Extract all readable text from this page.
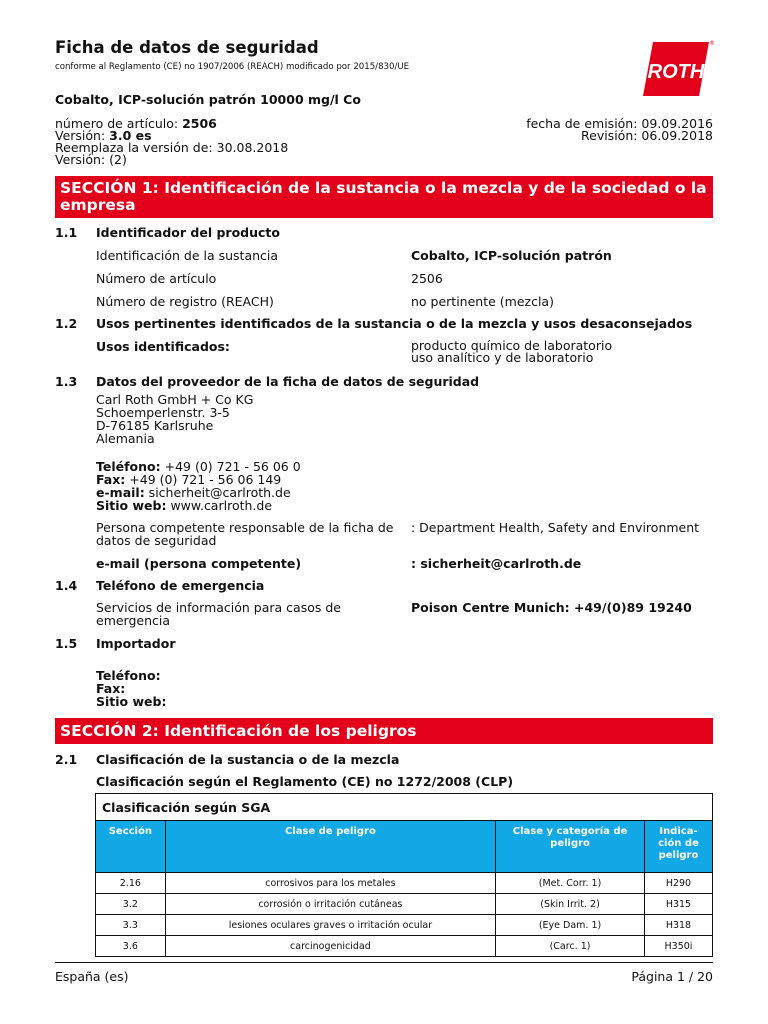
Ficha de datos de seguridad
conforme al Reglamento (CE) no 1907/2006 (REACH) modificado por 2015/830/UE	ROTH
®
Cobalto, ICP-solución patrón 10000 mg/l Co
número de artículo: 2506
Versión: 3.0 es
Reemplaza la versión de: 30.08.2018
Versión: (2)
fecha de emisión: 09.09.2016
Revisión: 06.09.2018
SECCIÓN 1: Identificación de la sustancia o la mezcla y de la sociedad o la empresa
1.1 Identificador del producto
Identificación de la sustancia	Cobalto, ICP-solución patrón
Número de artículo	2506
Número de registro (REACH)	no pertinente (mezcla)
1.2 Usos pertinentes identificados de la sustancia o de la mezcla y usos desaconsejados
Usos identificados:	producto químico de laboratorio
uso analítico y de laboratorio
1.3 Datos del proveedor de la ficha de datos de seguridad
Carl Roth GmbH + Co KG
Schoemperlenstr. 3-5
D-76185 Karlsruhe
Alemania
Teléfono: +49 (0) 721 - 56 06 0
Fax: +49 (0) 721 - 56 06 149
e-mail: sicherheit@carlroth.de
Sitio web: www.carlroth.de
Persona competente responsable de la ficha de
datos de seguridad
: Department Health, Safety and Environment
e-mail (persona competente)	: sicherheit@carlroth.de
1.4 Teléfono de emergencia
Servicios de información para casos de
emergencia
Poison Centre Munich: +49/(0)89 19240
1.5 Importador
Teléfono:
Fax:
Sitio web:
SECCIÓN 2: Identificación de los peligros
2.1 Clasificación de la sustancia o de la mezcla
Clasificación según el Reglamento (CE) no 1272/2008 (CLP)
Clasificación según SGA			
Sección	Clase de peligro	Clase y categoría de peligro	Indica-ción de peligro
2.16	corrosivos para los metales	(Met. Corr. 1)	H290
3.2	corrosión o irritación cutáneas	(Skin Irrit. 2)	H315
3.3	lesiones oculares graves o irritación ocular	(Eye Dam. 1)	H318
3.6	carcinogenicidad	(Carc. 1)	H350i
España (es)	Página 1 / 20
